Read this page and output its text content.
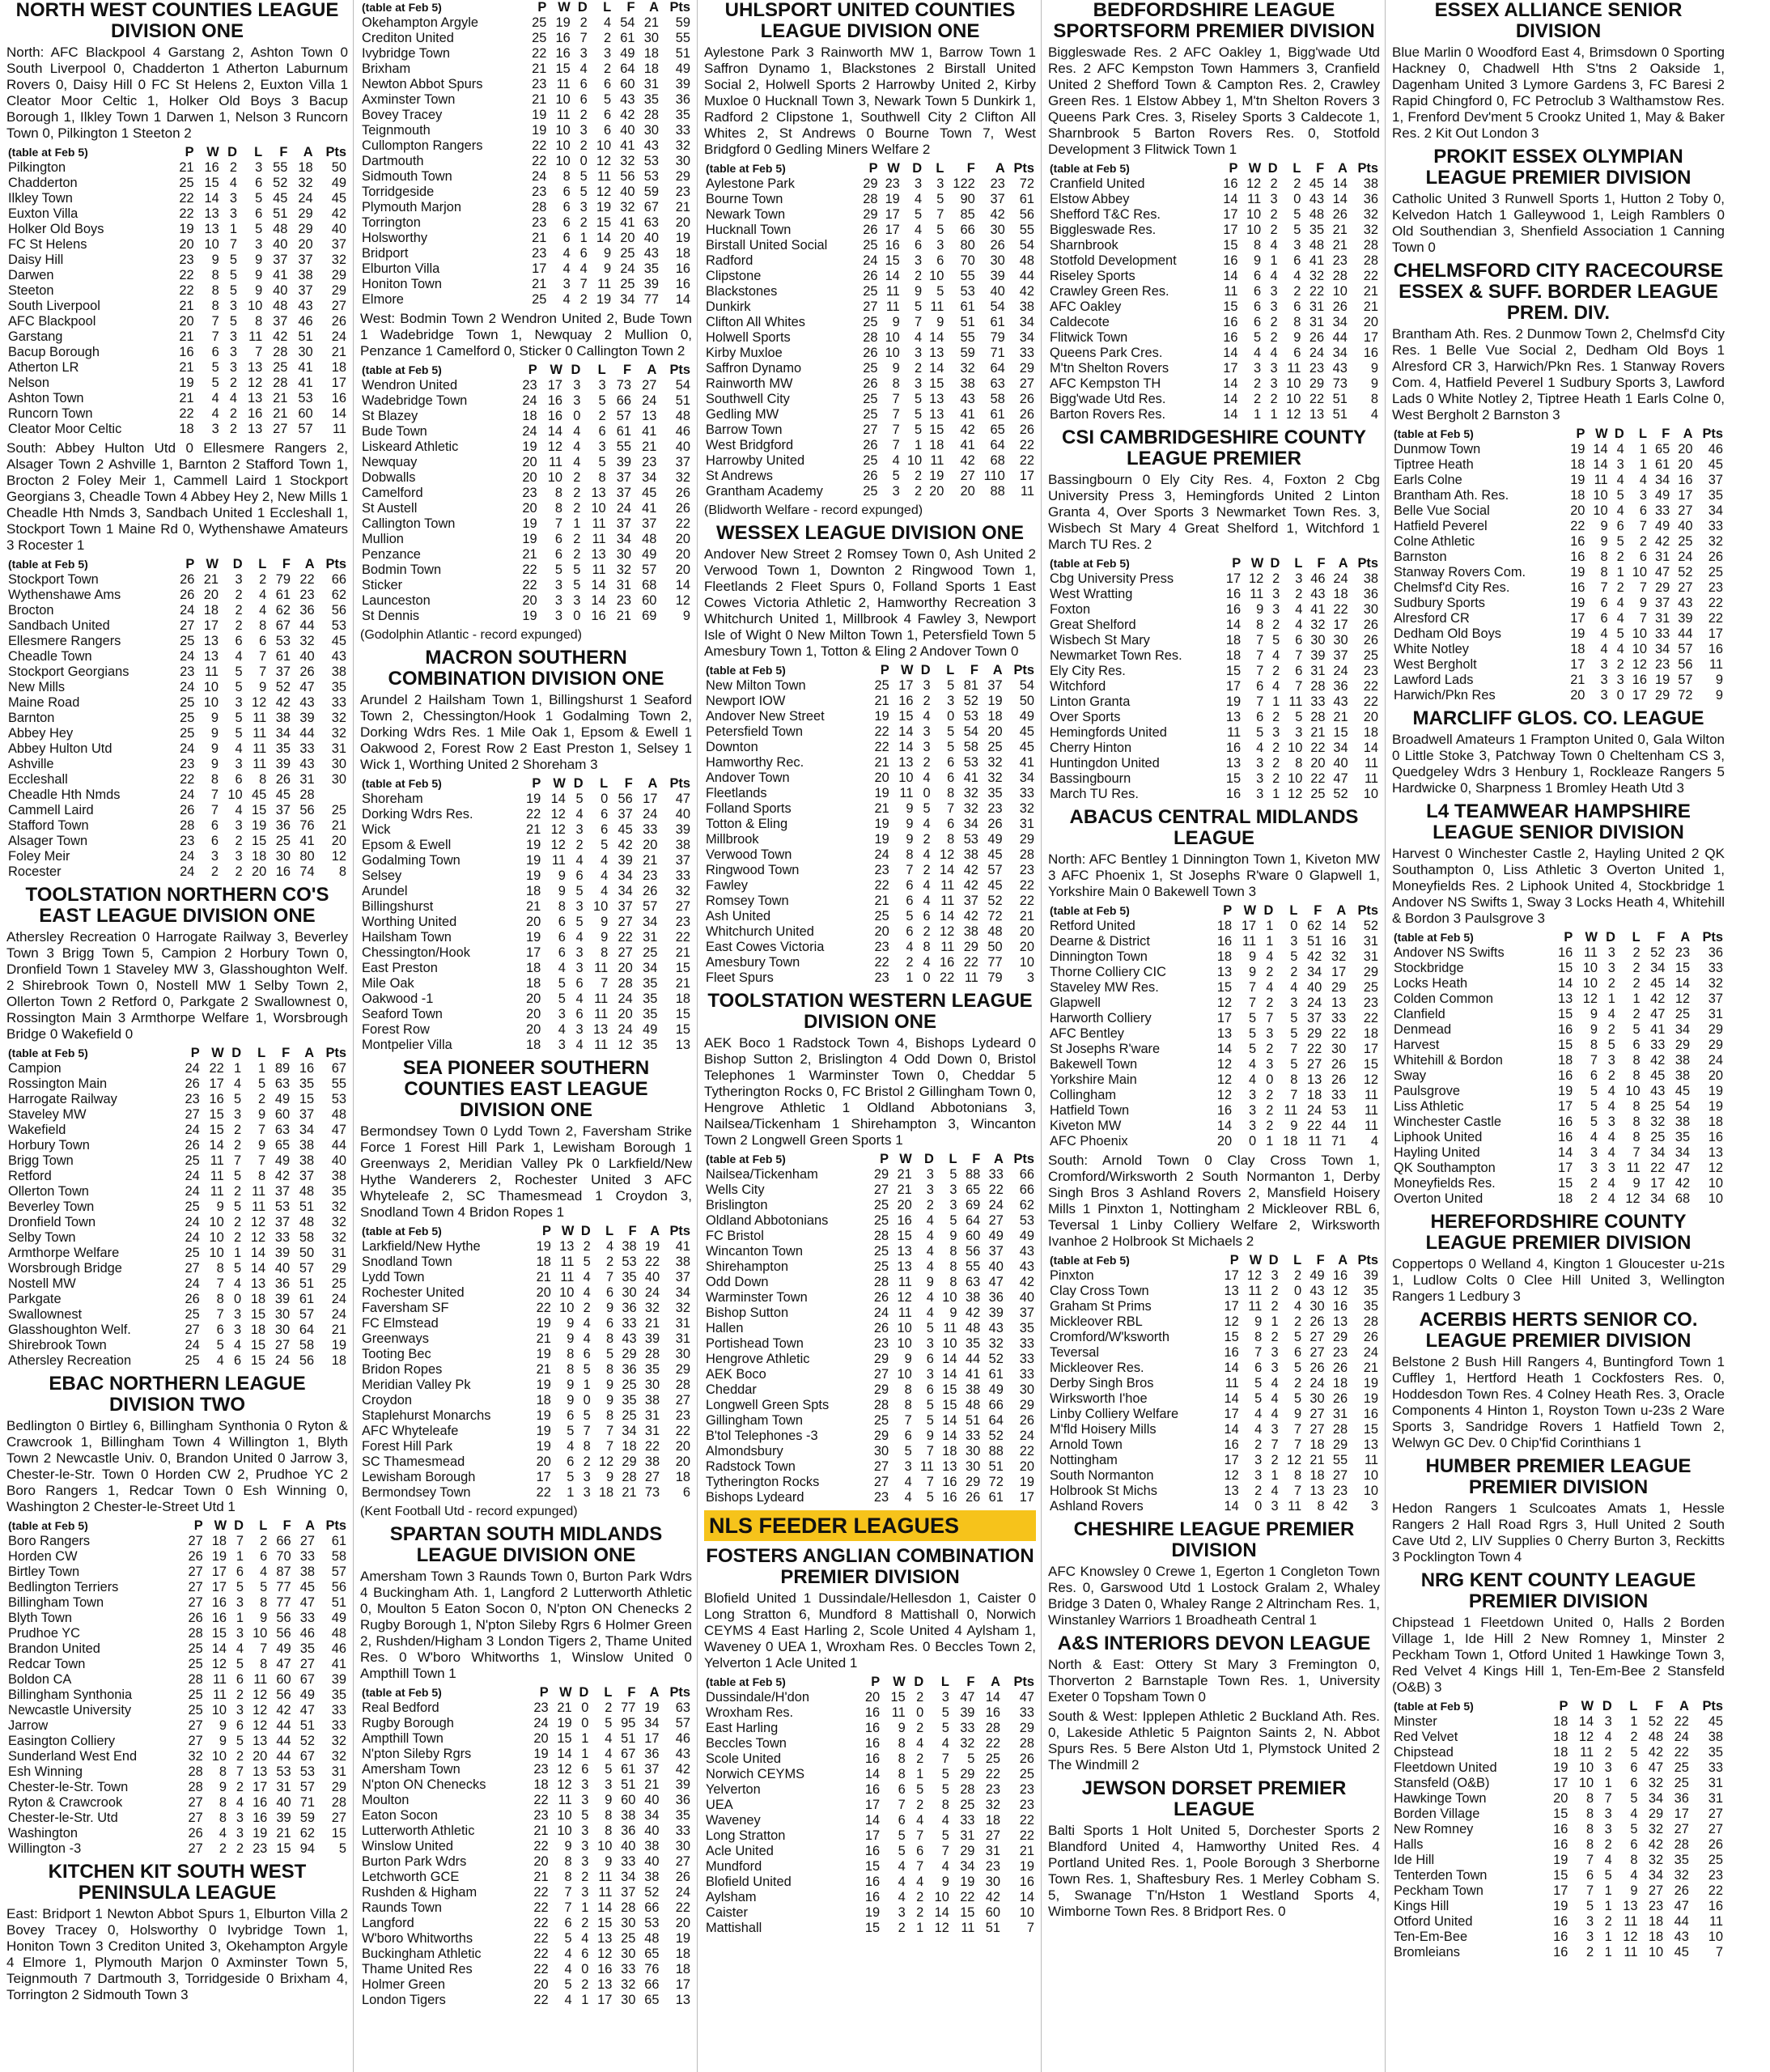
NORTH WEST COUNTIES LEAGUE DIVISION ONE

North: AFC Blackpool 4 Garstang 2, Ashton Town 0 South Liverpool 0, Chadderton 1 Atherton Laburnum Rovers 0, Daisy Hill 0 FC St Helens 2, Euxton Villa 1 Cleator Moor Celtic 1, Holker Old Boys 3 Bacup Borough 1, Ilkley Town 1 Darwen 1, Nelson 3 Runcorn Town 0, Pilkington 1 Steeton 2

(table at Feb 5)	P	W	D	L	F	A	Pts
Pilkington	21	16	2	3	55	18	50
Chadderton	25	15	4	6	52	32	49
Ilkley Town	22	14	3	5	45	24	45
Euxton Villa	22	13	3	6	51	29	42
Holker Old Boys	19	13	1	5	48	29	40
FC St Helens	20	10	7	3	40	20	37
Daisy Hill	23	9	5	9	37	37	32
Darwen	22	8	5	9	41	38	29
Steeton	22	8	5	9	40	37	29
South Liverpool	21	8	3	10	48	43	27
AFC Blackpool	20	7	5	8	37	46	26
Garstang	21	7	3	11	42	51	24
Bacup Borough	16	6	3	7	28	30	21
Atherton LR	21	5	3	13	25	41	18
Nelson	19	5	2	12	28	41	17
Ashton Town	21	4	4	13	21	53	16
Runcorn Town	22	4	2	16	21	60	14
Cleator Moor Celtic	18	3	2	13	27	57	11

South: Abbey Hulton Utd 0 Ellesmere Rangers 2, Alsager Town 2 Ashville 1, Barnton 2 Stafford Town 1, Brocton 2 Foley Meir 1, Cammell Laird 1 Stockport Georgians 3, Cheadle Town 4 Abbey Hey 2, New Mills 1 Cheadle Hth Nmds 3, Sandbach United 1 Eccleshall 1, Stockport Town 1 Maine Rd 0, Wythenshawe Amateurs 3 Rocester 1

(table at Feb 5)	P	W	D	L	F	A	Pts
Stockport Town	26	21	3	2	79	22	66
Wythenshawe Ams	26	20	2	4	61	23	62
Brocton	24	18	2	4	62	36	56
Sandbach United	27	17	2	8	67	44	53
Ellesmere Rangers	25	13	6	6	53	32	45
Cheadle Town	24	13	4	7	61	40	43
Stockport Georgians	23	11	5	7	37	26	38
New Mills	24	10	5	9	52	47	35
Maine Road	25	10	3	12	42	43	33
Barnton	25	9	5	11	38	39	32
Abbey Hey	25	9	5	11	34	44	32
Abbey Hulton Utd	24	9	4	11	35	33	31
Ashville	23	9	3	11	39	43	30
Eccleshall	22	8	6	8	26	31	30
Cheadle Hth Nmds	24	7	10	45	45	28	
Cammell Laird	26	7	4	15	37	56	25
Stafford Town	28	6	3	19	36	76	21
Alsager Town	23	6	2	15	25	41	20
Foley Meir	24	3	3	18	30	80	12
Rocester	24	2	2	20	16	74	8
TOOLSTATION NORTHERN CO'S EAST LEAGUE DIVISION ONE

Athersley Recreation 0 Harrogate Railway 3, Beverley Town 3 Brigg Town 5, Campion 2 Horbury Town 0, Dronfield Town 1 Staveley MW 3, Glasshoughton Welf. 2 Shirebrook Town 0, Nostell MW 1 Selby Town 2, Ollerton Town 2 Retford 0, Parkgate 2 Swallownest 0, Rossington Main 3 Armthorpe Welfare 1, Worsbrough Bridge 0 Wakefield 0

(table at Feb 5)	P	W	D	L	F	A	Pts
Campion	24	22	1	1	89	16	67
Rossington Main	26	17	4	5	63	35	55
Harrogate Railway	23	16	5	2	49	15	53
Staveley MW	27	15	3	9	60	37	48
Wakefield	24	15	2	7	63	34	47
Horbury Town	26	14	2	9	65	38	44
Brigg Town	25	11	7	7	49	38	40
Retford	24	11	5	8	42	37	38
Ollerton Town	24	11	2	11	37	48	35
Beverley Town	25	9	5	11	53	51	32
Dronfield Town	24	10	2	12	37	48	32
Selby Town	24	10	2	12	33	58	32
Armthorpe Welfare	25	10	1	14	39	50	31
Worsbrough Bridge	27	8	5	14	40	57	29
Nostell MW	24	7	4	13	36	51	25
Parkgate	26	8	0	18	39	61	24
Swallownest	25	7	3	15	30	57	24
Glasshoughton Welf.	27	6	3	18	30	64	21
Shirebrook Town	24	5	4	15	27	58	19
Athersley Recreation	25	4	6	15	24	56	18
EBAC NORTHERN LEAGUE DIVISION TWO

Bedlington 0 Birtley 6, Billingham Synthonia 0 Ryton & Crawcrook 1, Billingham Town 4 Willington 1, Blyth Town 2 Newcastle Univ. 0, Brandon United 0 Jarrow 3, Chester-le-Str. Town 0 Horden CW 2, Prudhoe YC 2 Boro Rangers 1, Redcar Town 0 Esh Winning 0, Washington 2 Chester-le-Street Utd 1

(table at Feb 5)	P	W	D	L	F	A	Pts
Boro Rangers	27	18	7	2	66	27	61
Horden CW	26	19	1	6	70	33	58
Birtley Town	27	17	6	4	87	38	57
Bedlington Terriers	27	17	5	5	77	45	56
Billingham Town	27	16	3	8	77	47	51
Blyth Town	26	16	1	9	56	33	49
Prudhoe YC	28	15	3	10	56	46	48
Brandon United	25	14	4	7	49	35	46
Redcar Town	25	12	5	8	47	27	41
Boldon CA	28	11	6	11	60	67	39
Billingham Synthonia	25	11	2	12	56	49	35
Newcastle University	25	10	3	12	42	47	33
Jarrow	27	9	6	12	44	51	33
Easington Colliery	27	9	5	13	44	52	32
Sunderland West End	32	10	2	20	44	67	32
Esh Winning	28	8	7	13	53	53	31
Chester-le-Str. Town	28	9	2	17	31	57	29
Ryton & Crawcrook	27	8	4	16	40	71	28
Chester-le-Str. Utd	27	8	3	16	39	59	27
Washington	26	4	3	19	21	62	15
Willington -3	27	2	2	23	15	94	5
KITCHEN KIT SOUTH WEST PENINSULA LEAGUE

East: Bridport 1 Newton Abbot Spurs 1, Elburton Villa 2 Bovey Tracey 0, Holsworthy 0 Ivybridge Town 1, Honiton Town 3 Crediton United 3, Okehampton Argyle 4 Elmore 1, Plymouth Marjon 0 Axminster Town 5, Teignmouth 7 Dartmouth 3, Torridgeside 0 Brixham 4, Torrington 2 Sidmouth Town 3

(table at Feb 5)	P	W	D	L	F	A	Pts
Okehampton Argyle	25	19	2	4	54	21	59
Crediton United	25	16	7	2	61	30	55
Ivybridge Town	22	16	3	3	49	18	51
Brixham	21	15	4	2	64	18	49
Newton Abbot Spurs	23	11	6	6	60	31	39
Axminster Town	21	10	6	5	43	35	36
Bovey Tracey	19	11	2	6	42	28	35
Teignmouth	19	10	3	6	40	30	33
Cullompton Rangers	22	10	2	10	41	43	32
Dartmouth	22	10	0	12	32	53	30
Sidmouth Town	24	8	5	11	56	53	29
Torridgeside	23	6	5	12	40	59	23
Plymouth Marjon	28	6	3	19	32	67	21
Torrington	23	6	2	15	41	63	20
Holsworthy	21	6	1	14	20	40	19
Bridport	23	4	6	9	25	43	18
Elburton Villa	17	4	4	9	24	35	16
Honiton Town	21	3	7	11	25	39	16
Elmore	25	4	2	19	34	77	14

West: Bodmin Town 2 Wendron United 2, Bude Town 1 Wadebridge Town 1, Newquay 2 Mullion 0, Penzance 1 Camelford 0, Sticker 0 Callington Town 2

(table at Feb 5)	P	W	D	L	F	A	Pts
Wendron United	23	17	3	3	73	27	54
Wadebridge Town	24	16	3	5	66	24	51
St Blazey	18	16	0	2	57	13	48
Bude Town	24	14	4	6	61	41	46
Liskeard Athletic	19	12	4	3	55	21	40
Newquay	20	11	4	5	39	23	37
Dobwalls	20	10	2	8	37	34	32
Camelford	23	8	2	13	37	45	26
St Austell	20	8	2	10	24	41	26
Callington Town	19	7	1	11	37	37	22
Mullion	19	6	2	11	34	48	20
Penzance	21	6	2	13	30	49	20
Bodmin Town	22	5	5	11	32	57	20
Sticker	22	3	5	14	31	68	14
Launceston	20	3	3	14	23	60	12
St Dennis	19	3	0	16	21	69	9
(Godolphin Atlantic - record expunged)
MACRON SOUTHERN COMBINATION DIVISION ONE

Arundel 2 Hailsham Town 1, Billingshurst 1 Seaford Town 2, Chessington/Hook 1 Godalming Town 2, Dorking Wdrs Res. 1 Mile Oak 1, Epsom & Ewell 1 Oakwood 2, Forest Row 2 East Preston 1, Selsey 1 Wick 1, Worthing United 2 Shoreham 3

(table at Feb 5)	P	W	D	L	F	A	Pts
Shoreham	19	14	5	0	56	17	47
Dorking Wdrs Res.	22	12	4	6	37	24	40
Wick	21	12	3	6	45	33	39
Epsom & Ewell	19	12	2	5	42	20	38
Godalming Town	19	11	4	4	39	21	37
Selsey	19	9	6	4	34	23	33
Arundel	18	9	5	4	34	26	32
Billingshurst	21	8	3	10	37	57	27
Worthing United	20	6	5	9	27	34	23
Hailsham Town	19	6	4	9	22	31	22
Chessington/Hook	17	6	3	8	27	25	21
East Preston	18	4	3	11	20	34	15
Mile Oak	18	5	6	7	28	35	21
Oakwood -1	20	5	4	11	24	35	18
Seaford Town	20	3	6	11	20	35	15
Forest Row	20	4	3	13	24	49	15
Montpelier Villa	18	3	4	11	12	35	13
SEA PIONEER SOUTHERN COUNTIES EAST LEAGUE DIVISION ONE

Bermondsey Town 0 Lydd Town 2, Faversham Strike Force 1 Forest Hill Park 1, Lewisham Borough 1 Greenways 2, Meridian Valley Pk 0 Larkfield/New Hythe Wanderers 2, Rochester United 3 AFC Whyteleafe 2, SC Thamesmead 1 Croydon 3, Snodland Town 4 Bridon Ropes 1

(table at Feb 5)	P	W	D	L	F	A	Pts
Larkfield/New Hythe	19	13	2	4	38	19	41
Snodland Town	18	11	5	2	53	22	38
Lydd Town	21	11	4	7	35	40	37
Rochester United	20	10	4	6	30	24	34
Faversham SF	22	10	2	9	36	32	32
FC Elmstead	19	9	4	6	33	21	31
Greenways	21	9	4	8	43	39	31
Tooting Bec	19	8	6	5	29	28	30
Bridon Ropes	21	8	5	8	36	35	29
Meridian Valley Pk	19	9	1	9	25	30	28
Croydon	18	9	0	9	35	38	27
Staplehurst Monarchs	19	6	5	8	25	31	23
AFC Whyteleafe	19	5	7	7	34	31	22
Forest Hill Park	19	4	8	7	18	22	20
SC Thamesmead	20	6	2	12	29	38	20
Lewisham Borough	17	5	3	9	28	27	18
Bermondsey Town	22	1	3	18	21	73	6
(Kent Football Utd - record expunged)
SPARTAN SOUTH MIDLANDS LEAGUE DIVISION ONE

Amersham Town 3 Raunds Town 0, Burton Park Wdrs 4 Buckingham Ath. 1, Langford 2 Lutterworth Athletic 0, Moulton 5 Eaton Socon 0, N'pton ON Chenecks 2 Rugby Borough 1, N'pton Sileby Rgrs 6 Holmer Green 2, Rushden/Higham 3 London Tigers 2, Thame United Res. 0 W'boro Whitworths 1, Winslow United 0 Ampthill Town 1

(table at Feb 5)	P	W	D	L	F	A	Pts
Real Bedford	23	21	0	2	77	19	63
Rugby Borough	24	19	0	5	95	34	57
Ampthill Town	20	15	1	4	51	17	46
N'pton Sileby Rgrs	19	14	1	4	67	36	43
Amersham Town	23	12	6	5	61	37	42
N'pton ON Chenecks	18	12	3	3	51	21	39
Moulton	22	11	3	9	60	40	36
Eaton Socon	23	10	5	8	38	34	35
Lutterworth Athletic	21	10	3	8	36	40	33
Winslow United	22	9	3	10	40	38	30
Burton Park Wdrs	20	8	3	9	33	40	27
Letchworth GCE	21	8	2	11	34	38	26
Rushden & Higham	22	7	3	11	37	52	24
Raunds Town	22	7	1	14	28	66	22
Langford	22	6	2	15	30	53	20
W'boro Whitworths	22	5	4	13	25	48	19
Buckingham Athletic	22	4	6	12	30	65	18
Thame United Res	22	4	0	16	33	76	18
Holmer Green	20	5	2	13	32	66	17
London Tigers	22	4	1	17	30	65	13
UHLSPORT UNITED COUNTIES LEAGUE DIVISION ONE

Aylestone Park 3 Rainworth MW 1, Barrow Town 1 Saffron Dynamo 1, Blackstones 2 Birstall United Social 2, Holwell Sports 2 Harrowby United 2, Kirby Muxloe 0 Hucknall Town 3, Newark Town 5 Dunkirk 1, Radford 2 Clipstone 1, Southwell City 2 Clifton All Whites 2, St Andrews 0 Bourne Town 7, West Bridgford 0 Gedling Miners Welfare 2

(table at Feb 5)	P	W	D	L	F	A	Pts
Aylestone Park	29	23	3	3	122	23	72
Bourne Town	28	19	4	5	90	37	61
Newark Town	29	17	5	7	85	42	56
Hucknall Town	26	17	4	5	66	30	55
Birstall United Social	25	16	6	3	80	26	54
Radford	24	15	3	6	70	30	48
Clipstone	26	14	2	10	55	39	44
Blackstones	25	11	9	5	53	40	42
Dunkirk	27	11	5	11	61	54	38
Clifton All Whites	25	9	7	9	51	61	34
Holwell Sports	28	10	4	14	55	79	34
Kirby Muxloe	26	10	3	13	59	71	33
Saffron Dynamo	25	9	2	14	32	64	29
Rainworth MW	26	8	3	15	38	63	27
Southwell City	25	7	5	13	43	58	26
Gedling MW	25	7	5	13	41	61	26
Barrow Town	27	7	5	15	42	65	26
West Bridgford	26	7	1	18	41	64	22
Harrowby United	25	4	10	11	42	68	22
St Andrews	26	5	2	19	27	110	17
Grantham Academy	25	3	2	20	20	88	11
(Blidworth Welfare - record expunged)
WESSEX LEAGUE DIVISION ONE

Andover New Street 2 Romsey Town 0, Ash United 2 Verwood Town 1, Downton 2 Ringwood Town 1, Fleetlands 2 Fleet Spurs 0, Folland Sports 1 East Cowes Victoria Athletic 2, Hamworthy Recreation 3 Whitchurch United 1, Millbrook 4 Fawley 3, Newport Isle of Wight 0 New Milton Town 1, Petersfield Town 5 Amesbury Town 1, Totton & Eling 2 Andover Town 0

(table at Feb 5)	P	W	D	L	F	A	Pts
New Milton Town	25	17	3	5	81	37	54
Newport IOW	21	16	2	3	52	19	50
Andover New Street	19	15	4	0	53	18	49
Petersfield Town	22	14	3	5	54	20	45
Downton	22	14	3	5	58	25	45
Hamworthy Rec.	21	13	2	6	53	32	41
Andover Town	20	10	4	6	41	32	34
Fleetlands	19	11	0	8	32	35	33
Folland Sports	21	9	5	7	32	23	32
Totton & Eling	19	9	4	6	34	26	31
Millbrook	19	9	2	8	53	49	29
Verwood Town	24	8	4	12	38	45	28
Ringwood Town	23	7	2	14	42	57	23
Fawley	22	6	4	11	42	45	22
Romsey Town	21	6	4	11	37	52	22
Ash United	25	5	6	14	42	72	21
Whitchurch United	20	6	2	12	38	48	20
East Cowes Victoria	23	4	8	11	29	50	20
Amesbury Town	22	2	4	16	22	77	10
Fleet Spurs	23	1	0	22	11	79	3
TOOLSTATION WESTERN LEAGUE DIVISION ONE

AEK Boco 1 Radstock Town 4, Bishops Lydeard 0 Bishop Sutton 2, Brislington 4 Odd Down 0, Bristol Telephones 1 Warminster Town 0, Cheddar 5 Tytherington Rocks 0, FC Bristol 2 Gillingham Town 0, Hengrove Athletic 1 Oldland Abbotonians 3, Nailsea/Tickenham 1 Shirehampton 3, Wincanton Town 2 Longwell Green Sports 1

(table at Feb 5)	P	W	D	L	F	A	Pts
Nailsea/Tickenham	29	21	3	5	88	33	66
Wells City	27	21	3	3	65	22	66
Brislington	25	20	2	3	69	24	62
Oldland Abbotonians	25	16	4	5	64	27	53
FC Bristol	28	15	4	9	60	49	49
Wincanton Town	25	13	4	8	56	37	43
Shirehampton	25	13	4	8	55	40	43
Odd Down	28	11	9	8	63	47	42
Warminster Town	26	12	4	10	38	36	40
Bishop Sutton	24	11	4	9	42	39	37
Hallen	26	10	5	11	48	43	35
Portishead Town	23	10	3	10	35	32	33
Hengrove Athletic	29	9	6	14	44	52	33
AEK Boco	27	10	3	14	41	61	33
Cheddar	29	8	6	15	38	49	30
Longwell Green Spts	28	8	5	15	48	66	29
Gillingham Town	25	7	5	14	51	64	26
B'tol Telephones -3	29	6	9	14	33	52	24
Almondsbury	30	5	7	18	30	88	22
Radstock Town	27	3	11	13	30	51	20
Tytherington Rocks	27	4	7	16	29	72	19
Bishops Lydeard	23	4	5	16	26	61	17
NLS FEEDER LEAGUES
FOSTERS ANGLIAN COMBINATION PREMIER DIVISION

Blofield United 1 Dussindale/Hellesdon 1, Caister 0 Long Stratton 6, Mundford 8 Mattishall 0, Norwich CEYMS 4 East Harling 2, Scole United 4 Aylsham 1, Waveney 0 UEA 1, Wroxham Res. 0 Beccles Town 2, Yelverton 1 Acle United 1

(table at Feb 5)	P	W	D	L	F	A	Pts
Dussindale/H'don	20	15	2	3	47	14	47
Wroxham Res.	16	11	0	5	39	16	33
East Harling	16	9	2	5	33	28	29
Beccles Town	16	8	4	4	32	22	28
Scole United	16	8	2	7	5	25	26
Norwich CEYMS	14	8	1	5	29	22	25
Yelverton	16	6	5	5	28	23	23
UEA	17	7	2	8	25	32	23
Waveney	14	6	4	4	33	18	22
Long Stratton	17	5	7	5	31	27	22
Acle United	16	5	6	7	29	31	21
Mundford	15	4	7	4	34	23	19
Blofield United	16	4	4	9	19	30	16
Aylsham	16	4	2	10	22	42	14
Caister	19	3	2	14	15	60	10
Mattishall	15	2	1	12	11	51	7
BEDFORDSHIRE LEAGUE SPORTSFORM PREMIER DIVISION

Biggleswade Res. 2 AFC Oakley 1, Bigg'wade Utd Res. 2 AFC Kempston Town Hammers 3, Cranfield United 2 Shefford Town & Campton Res. 2, Crawley Green Res. 1 Elstow Abbey 1, M'tn Shelton Rovers 3 Queens Park Cres. 3, Riseley Sports 3 Caldecote 1, Sharnbrook 5 Barton Rovers Res. 0, Stotfold Development 3 Flitwick Town 1

(table at Feb 5)	P	W	D	L	F	A	Pts
Cranfield United	16	12	2	2	45	14	38
Elstow Abbey	14	11	3	0	43	14	36
Shefford T&C Res.	17	10	2	5	48	26	32
Biggleswade Res.	17	10	2	5	35	21	32
Sharnbrook	15	8	4	3	48	21	28
Stotfold Development	16	9	1	6	41	23	28
Riseley Sports	14	6	4	4	32	28	22
Crawley Green Res.	11	6	3	2	22	10	21
AFC Oakley	15	6	3	6	31	26	21
Caldecote	16	6	2	8	31	34	20
Flitwick Town	16	5	2	9	26	44	17
Queens Park Cres.	14	4	4	6	24	34	16
M'tn Shelton Rovers	17	3	3	11	23	43	9
AFC Kempston TH	14	2	3	10	29	73	9
Bigg'wade Utd Res.	14	2	2	10	22	51	8
Barton Rovers Res.	14	1	1	12	13	51	4
CSI CAMBRIDGESHIRE COUNTY LEAGUE PREMIER

Bassingbourn 0 Ely City Res. 4, Foxton 2 Cbg University Press 3, Hemingfords United 2 Linton Granta 4, Over Sports 3 Newmarket Town Res. 3, Wisbech St Mary 4 Great Shelford 1, Witchford 1 March TU Res. 2

(table at Feb 5)	P	W	D	L	F	A	Pts
Cbg University Press	17	12	2	3	46	24	38
West Wratting	16	11	3	2	43	18	36
Foxton	16	9	3	4	41	22	30
Great Shelford	14	8	2	4	32	17	26
Wisbech St Mary	18	7	5	6	30	30	26
Newmarket Town Res.	18	7	4	7	39	37	25
Ely City Res.	15	7	2	6	31	24	23
Witchford	17	6	4	7	28	36	22
Linton Granta	19	7	1	11	33	43	22
Over Sports	13	6	2	5	28	21	20
Hemingfords United	11	5	3	3	21	15	18
Cherry Hinton	16	4	2	10	22	34	14
Huntingdon United	13	3	2	8	20	40	11
Bassingbourn	15	3	2	10	22	47	11
March TU Res.	16	3	1	12	25	52	10
ABACUS CENTRAL MIDLANDS LEAGUE

North: AFC Bentley 1 Dinnington Town 1, Kiveton MW 3 AFC Phoenix 1, St Josephs R'ware 0 Glapwell 1, Yorkshire Main 0 Bakewell Town 3

(table at Feb 5)	P	W	D	L	F	A	Pts
Retford United	18	17	1	0	62	14	52
Dearne & District	16	11	1	3	51	16	31
Dinnington Town	18	9	4	5	42	32	31
Thorne Colliery CIC	13	9	2	2	34	17	29
Staveley MW Res.	15	7	4	4	40	29	25
Glapwell	12	7	2	3	24	13	23
Harworth Colliery	17	5	7	5	37	33	22
AFC Bentley	13	5	3	5	29	22	18
St Josephs R'ware	14	5	2	7	22	30	17
Bakewell Town	12	4	3	5	27	26	15
Yorkshire Main	12	4	0	8	13	26	12
Collingham	12	3	2	7	18	33	11
Hatfield Town	16	3	2	11	24	53	11
Kiveton MW	14	3	2	9	22	44	11
AFC Phoenix	20	0	1	18	11	71	4

South: Arnold Town 0 Clay Cross Town 1, Cromford/Wirksworth 2 South Normanton 1, Derby Singh Bros 3 Ashland Rovers 2, Mansfield Hoisery Mills 1 Pinxton 1, Nottingham 2 Mickleover RBL 6, Teversal 1 Linby Colliery Welfare 2, Wirksworth Ivanhoe 2 Holbrook St Michaels 2

(table at Feb 5)	P	W	D	L	F	A	Pts
Pinxton	17	12	3	2	49	16	39
Clay Cross Town	13	11	2	0	43	12	35
Graham St Prims	17	11	2	4	30	16	35
Mickleover RBL	12	9	1	2	26	13	28
Cromford/W'ksworth	15	8	2	5	27	29	26
Teversal	16	7	3	6	27	23	24
Mickleover Res.	14	6	3	5	26	26	21
Derby Singh Bros	11	5	4	2	24	18	19
Wirksworth I'hoe	14	5	4	5	30	26	19
Linby Colliery Welfare	17	4	4	9	27	31	16
M'fld Hoisery Mills	14	4	3	7	27	28	15
Arnold Town	16	2	7	7	18	29	13
Nottingham	17	3	2	12	21	55	11
South Normanton	12	3	1	8	18	27	10
Holbrook St Michs	13	2	4	7	13	23	10
Ashland Rovers	14	0	3	11	8	42	3
CHESHIRE LEAGUE PREMIER DIVISION

AFC Knowsley 0 Crewe 1, Egerton 1 Congleton Town Res. 0, Garswood Utd 1 Lostock Gralam 2, Whaley Bridge 3 Daten 0, Whaley Range 2 Altrincham Res. 1, Winstanley Warriors 1 Broadheath Central 1

A&S INTERIORS DEVON LEAGUE

North & East: Ottery St Mary 3 Fremington 0, Thorverton 2 Barnstaple Town Res. 1, University Exeter 0 Topsham Town 0

South & West: Ipplepen Athletic 2 Buckland Ath. Res. 0, Lakeside Athletic 5 Paignton Saints 2, N. Abbot Spurs Res. 5 Bere Alston Utd 1, Plymstock United 2 The Windmill 2

JEWSON DORSET PREMIER LEAGUE

Balti Sports 1 Holt United 5, Dorchester Sports 2 Blandford United 4, Hamworthy United Res. 4 Portland United Res. 1, Poole Borough 3 Sherborne Town Res. 1, Shaftesbury Res. 1 Merley Cobham S. 5, Swanage T'n/Hston 1 Westland Sports 4, Wimborne Town Res. 8 Bridport Res. 0

ESSEX ALLIANCE SENIOR DIVISION

Blue Marlin 0 Woodford East 4, Brimsdown 0 Sporting Hackney 0, Chadwell Hth S'tns 2 Oakside 1, Dagenham United 3 Lymore Gardens 3, FC Baresi 2 Rapid Chingford 0, FC Petroclub 3 Walthamstow Res. 1, Frenford Dev'ment 5 Crookz United 1, May & Baker Res. 2 Kit Out London 3

PROKIT ESSEX OLYMPIAN LEAGUE PREMIER DIVISION

Catholic United 3 Runwell Sports 1, Hutton 2 Toby 0, Kelvedon Hatch 1 Galleywood 1, Leigh Ramblers 0 Old Southendian 3, Shenfield Association 1 Canning Town 0

CHELMSFORD CITY RACECOURSE ESSEX & SUFF. BORDER LEAGUE PREM. DIV.

Brantham Ath. Res. 2 Dunmow Town 2, Chelmsf'd City Res. 1 Belle Vue Social 2, Dedham Old Boys 1 Alresford CR 3, Harwich/Pkn Res. 1 Stanway Rovers Com. 4, Hatfield Peverel 1 Sudbury Sports 3, Lawford Lads 0 White Notley 2, Tiptree Heath 1 Earls Colne 0, West Bergholt 2 Barnston 3

(table at Feb 5)	P	W	D	L	F	A	Pts
Dunmow Town	19	14	4	1	65	20	46
Tiptree Heath	18	14	3	1	61	20	45
Earls Colne	19	11	4	4	34	16	37
Brantham Ath. Res.	18	10	5	3	49	17	35
Belle Vue Social	20	10	4	6	33	27	34
Hatfield Peverel	22	9	6	7	49	40	33
Colne Athletic	16	9	5	2	42	25	32
Barnston	16	8	2	6	31	24	26
Stanway Rovers Com.	19	8	1	10	47	52	25
Chelmsf'd City Res.	16	7	2	7	29	27	23
Sudbury Sports	19	6	4	9	37	43	22
Alresford CR	17	6	4	7	31	39	22
Dedham Old Boys	19	4	5	10	33	44	17
White Notley	18	4	4	10	34	57	16
West Bergholt	17	3	2	12	23	56	11
Lawford Lads	21	3	3	16	19	57	9
Harwich/Pkn Res	20	3	0	17	29	72	9
MARCLIFF GLOS. CO. LEAGUE

Broadwell Amateurs 1 Frampton United 0, Gala Wilton 0 Little Stoke 3, Patchway Town 0 Cheltenham CS 3, Quedgeley Wdrs 3 Henbury 1, Rockleaze Rangers 5 Hardwicke 0, Sharpness 1 Bromley Heath Utd 3

L4 TEAMWEAR HAMPSHIRE LEAGUE SENIOR DIVISION

Harvest 0 Winchester Castle 2, Hayling United 2 QK Southampton 0, Liss Athletic 3 Overton United 1, Moneyfields Res. 2 Liphook United 4, Stockbridge 1 Andover NS Swifts 1, Sway 3 Locks Heath 4, Whitehill & Bordon 3 Paulsgrove 3

(table at Feb 5)	P	W	D	L	F	A	Pts
Andover NS Swifts	16	11	3	2	52	23	36
Stockbridge	15	10	3	2	34	15	33
Locks Heath	14	10	2	2	45	14	32
Colden Common	13	12	1	1	42	12	37
Clanfield	15	9	4	2	47	25	31
Denmead	16	9	2	5	41	34	29
Harvest	15	8	5	6	33	29	29
Whitehill & Bordon	18	7	3	8	42	38	24
Sway	16	6	2	8	45	38	20
Paulsgrove	19	5	4	10	43	45	19
Liss Athletic	17	5	4	8	25	54	19
Winchester Castle	16	5	3	8	32	38	18
Liphook United	16	4	4	8	25	35	16
Hayling United	14	3	4	7	34	34	13
QK Southampton	17	3	3	11	22	47	12
Moneyfields Res.	15	2	4	9	17	42	10
Overton United	18	2	4	12	34	68	10
HEREFORDSHIRE COUNTY LEAGUE PREMIER DIVISION

Coppertops 0 Welland 4, Kington 1 Gloucester u-21s 1, Ludlow Colts 0 Clee Hill United 3, Wellington Rangers 1 Ledbury 3

ACERBIS HERTS SENIOR CO. LEAGUE PREMIER DIVISION

Belstone 2 Bush Hill Rangers 4, Buntingford Town 1 Cuffley 1, Hertford Heath 1 Cockfosters Res. 0, Hoddesdon Town Res. 4 Colney Heath Res. 3, Oracle Components 4 Hinton 1, Royston Town u-23s 2 Ware Sports 3, Sandridge Rovers 1 Hatfield Town 2, Welwyn GC Dev. 0 Chip'fid Corinthians 1

HUMBER PREMIER LEAGUE PREMIER DIVISION

Hedon Rangers 1 Sculcoates Amats 1, Hessle Rangers 2 Hall Road Rgrs 3, Hull United 2 South Cave Utd 2, LIV Supplies 0 Cherry Burton 3, Reckitts 3 Pocklington Town 4

NRG KENT COUNTY LEAGUE PREMIER DIVISION

Chipstead 1 Fleetdown United 0, Halls 2 Borden Village 1, Ide Hill 2 New Romney 1, Minster 2 Peckham Town 1, Otford United 1 Hawkinge Town 3, Red Velvet 4 Kings Hill 1, Ten-Em-Bee 2 Stansfeld (O&B) 3

(table at Feb 5)	P	W	D	L	F	A	Pts
Minster	18	14	3	1	52	22	45
Red Velvet	18	12	4	2	48	24	38
Chipstead	18	11	2	5	42	22	35
Fleetdown United	19	10	3	6	47	25	33
Stansfeld (O&B)	17	10	1	6	32	25	31
Hawkinge Town	20	8	7	5	34	36	31
Borden Village	15	8	3	4	29	17	27
New Romney	16	8	3	5	32	27	27
Halls	16	8	2	6	42	28	26
Ide Hill	19	7	4	8	32	35	25
Tenterden Town	15	6	5	4	34	32	23
Peckham Town	17	7	1	9	27	26	22
Kings Hill	19	5	1	13	23	47	16
Otford United	16	3	2	11	18	44	11
Ten-Em-Bee	16	3	1	12	18	43	10
Bromleians	16	2	1	11	10	45	7
